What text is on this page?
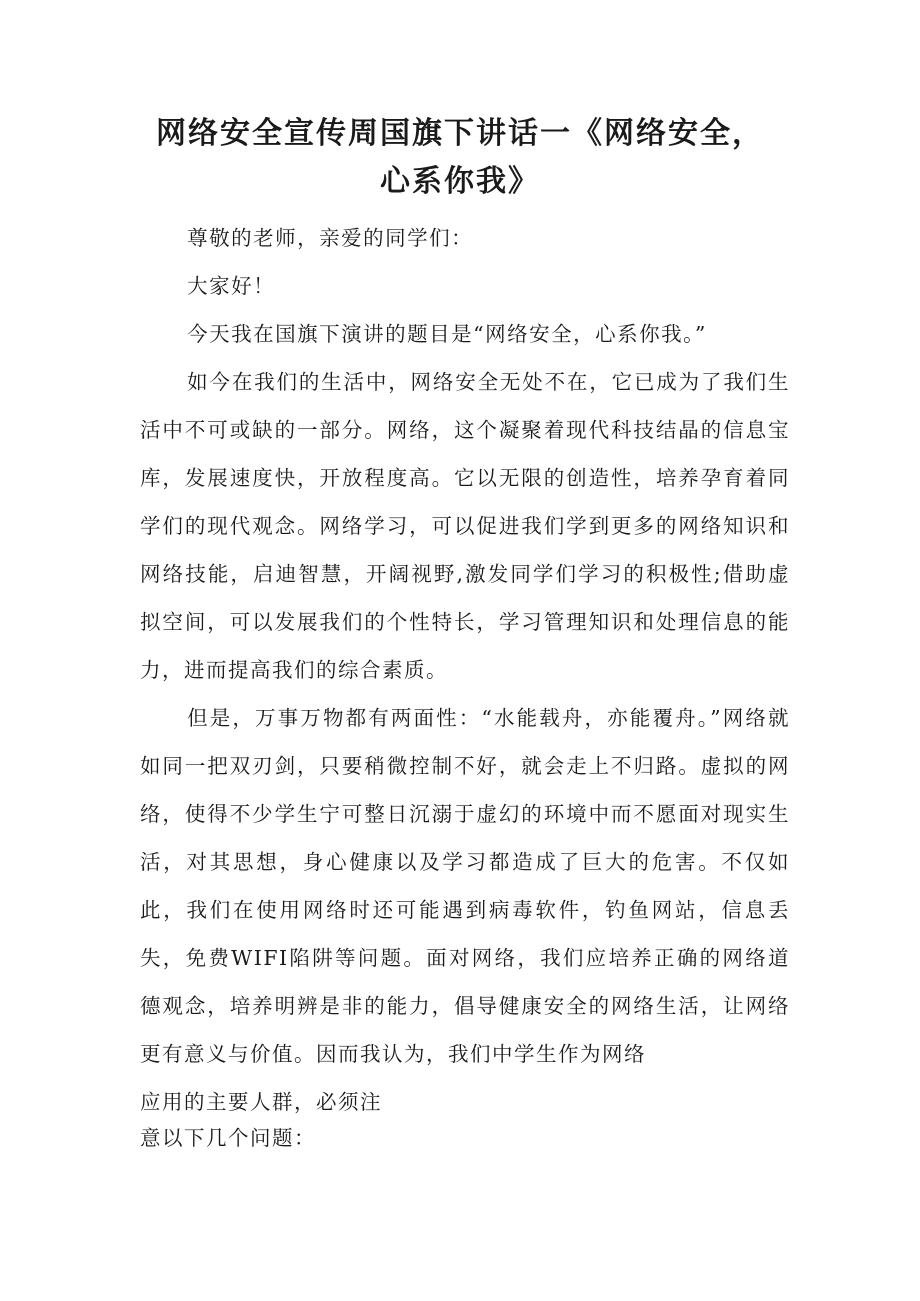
网络安全宣传周国旗下讲话一《网络安全，
心系你我》

尊敬的老师，亲爱的同学们：

大家好！

今天我在国旗下演讲的题目是“网络安全，心系你我。”

如今在我们的生活中，网络安全无处不在，它已成为了我们生活中不可或缺的一部分。网络，这个凝聚着现代科技结晶的信息宝库，发展速度快，开放程度高。它以无限的创造性，培养孕育着同学们的现代观念。网络学习，可以促进我们学到更多的网络知识和网络技能，启迪智慧，开阔视野,激发同学们学习的积极性;借助虚拟空间，可以发展我们的个性特长，学习管理知识和处理信息的能力，进而提高我们的综合素质。

但是，万事万物都有两面性：“水能载舟，亦能覆舟。”网络就如同一把双刃剑，只要稍微控制不好，就会走上不归路。虚拟的网络，使得不少学生宁可整日沉溺于虚幻的环境中而不愿面对现实生活，对其思想，身心健康以及学习都造成了巨大的危害。不仅如此，我们在使用网络时还可能遇到病毒软件，钓鱼网站，信息丢失，免费WIFI陷阱等问题。面对网络，我们应培养正确的网络道德观念，培养明辨是非的能力，倡导健康安全的网络生活，让网络更有意义与价值。因而我认为，我们中学生作为网络

应用的主要人群，必须注
意以下几个问题：
